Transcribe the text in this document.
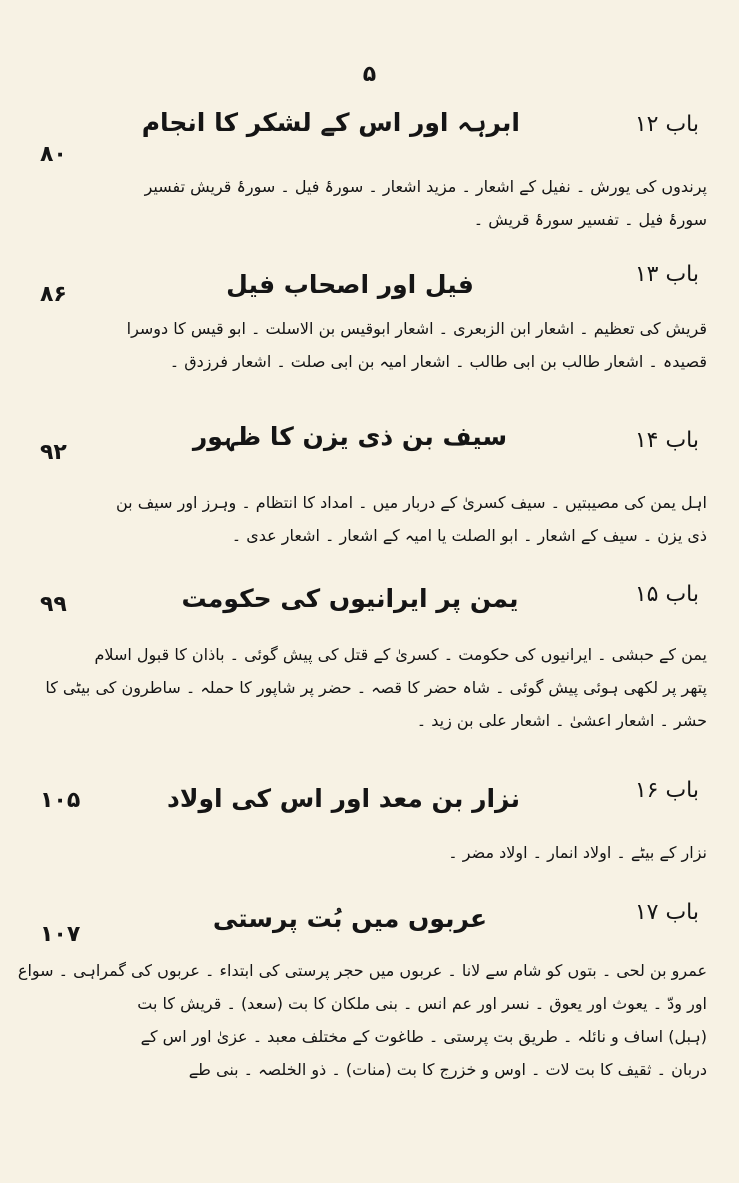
۵
باب ۱۲
ابرہہ اور اس کے لشکر کا انجام
۸۰
پرندوں کی یورش ۔ نفیل کے اشعار ۔ مزید اشعار ۔ سورۂ فیل ۔ سورۂ قریش تفسیر
سورۂ فیل ۔ تفسیر سورۂ قریش ۔
باب ۱۳
فیل اور اصحاب فیل
۸۶
قریش کی تعظیم ۔ اشعار ابن الزبعری ۔ اشعار ابوقیس بن الاسلت ۔ ابو قیس کا دوسرا
قصیدہ ۔ اشعار طالب بن ابی طالب ۔ اشعار امیہ بن ابی صلت ۔ اشعار فرزدق ۔
باب ۱۴
سیف بن ذی یزن کا ظہور
۹۲
اہل یمن کی مصیبتیں ۔ سیف کسریٰ کے دربار میں ۔ امداد کا انتظام ۔ وہرز اور سیف بن
ذی یزن ۔ سیف کے اشعار ۔ ابو الصلت یا امیہ کے اشعار ۔ اشعار عدی ۔
باب ۱۵
یمن پر ایرانیوں کی حکومت
۹۹
یمن کے حبشی ۔ ایرانیوں کی حکومت ۔ کسریٰ کے قتل کی پیش گوئی ۔ باذان کا قبول اسلام
پتھر پر لکھی ہوئی پیش گوئی ۔ شاہ حضر کا قصہ ۔ حضر پر شاپور کا حملہ ۔ ساطرون کی بیٹی کا
حشر ۔ اشعار اعشیٰ ۔ اشعار علی بن زید ۔
باب ۱۶
نزار بن معد اور اس کی اولاد
۱۰۵
نزار کے بیٹے ۔ اولاد انمار ۔ اولاد مضر ۔
باب ۱۷
عربوں میں بُت پرستی
۱۰۷
عمرو بن لحی ۔ بتوں کو شام سے لانا ۔ عربوں میں حجر پرستی کی ابتداء ۔ عربوں کی گمراہی ۔ سواع
اور ودّ ۔ یعوث اور یعوق ۔ نسر اور عم انس ۔ بنی ملکان کا بت (سعد) ۔ قریش کا بت
(ہبل) اساف و نائلہ ۔ طریق بت پرستی ۔ طاغوت کے مختلف معبد ۔ عزیٰ اور اس کے
دربان ۔ ثقیف کا بت لات ۔ اوس و خزرج کا بت (منات) ۔ ذو الخلصہ ۔ بنی طے
